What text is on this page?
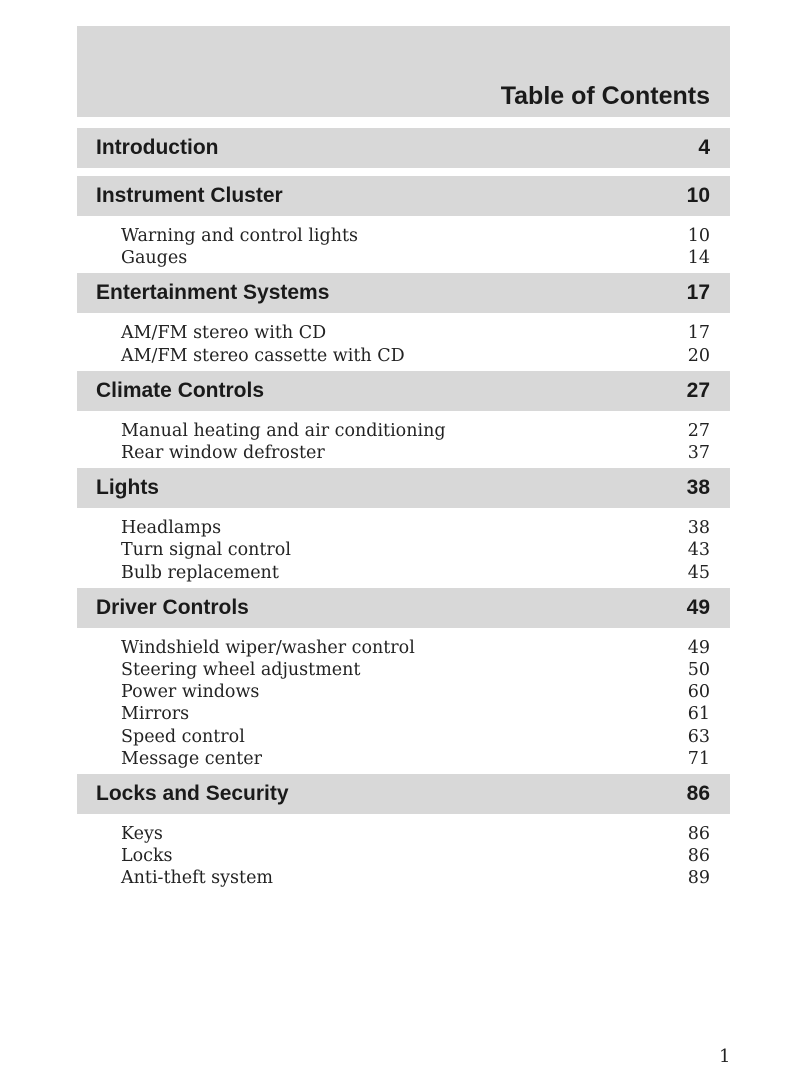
Table of Contents
Introduction	4
Instrument Cluster	10
Warning and control lights	10
Gauges	14
Entertainment Systems	17
AM/FM stereo with CD	17
AM/FM stereo cassette with CD	20
Climate Controls	27
Manual heating and air conditioning	27
Rear window defroster	37
Lights	38
Headlamps	38
Turn signal control	43
Bulb replacement	45
Driver Controls	49
Windshield wiper/washer control	49
Steering wheel adjustment	50
Power windows	60
Mirrors	61
Speed control	63
Message center	71
Locks and Security	86
Keys	86
Locks	86
Anti-theft system	89
1
